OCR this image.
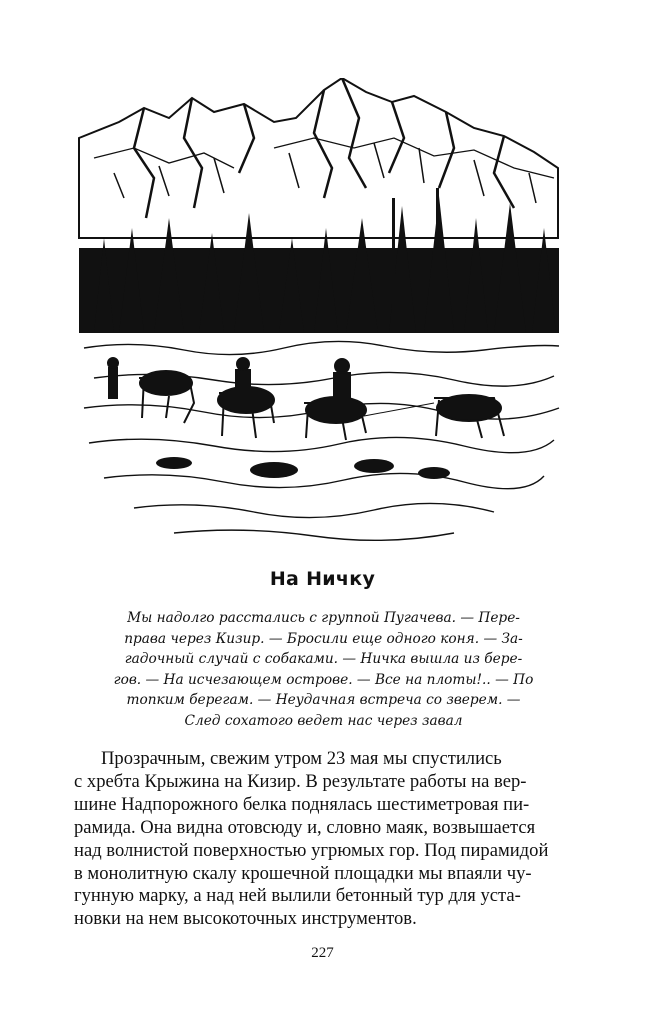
На Ничку

Мы надолго расстались с группой Пугачева. — Пере-
права через Кизир. — Бросили еще одного коня. — За-
гадочный случай с собаками. — Ничка вышла из бере-
гов. — На исчезающем острове. — Все на плоты!.. — По
топким берегам. — Неудачная встреча со зверем. —
След сохатого ведет нас через завал

Прозрачным, свежим утром 23 мая мы спустились
с хребта Крыжина на Кизир. В результате работы на вер-
шине Надпорожного белка поднялась шестиметровая пи-
рамида. Она видна отовсюду и, словно маяк, возвышается
над волнистой поверхностью угрюмых гор. Под пирамидой
в монолитную скалу крошечной площадки мы впаяли чу-
гунную марку, а над ней вылили бетонный тур для уста-
новки на нем высокоточных инструментов.

227
